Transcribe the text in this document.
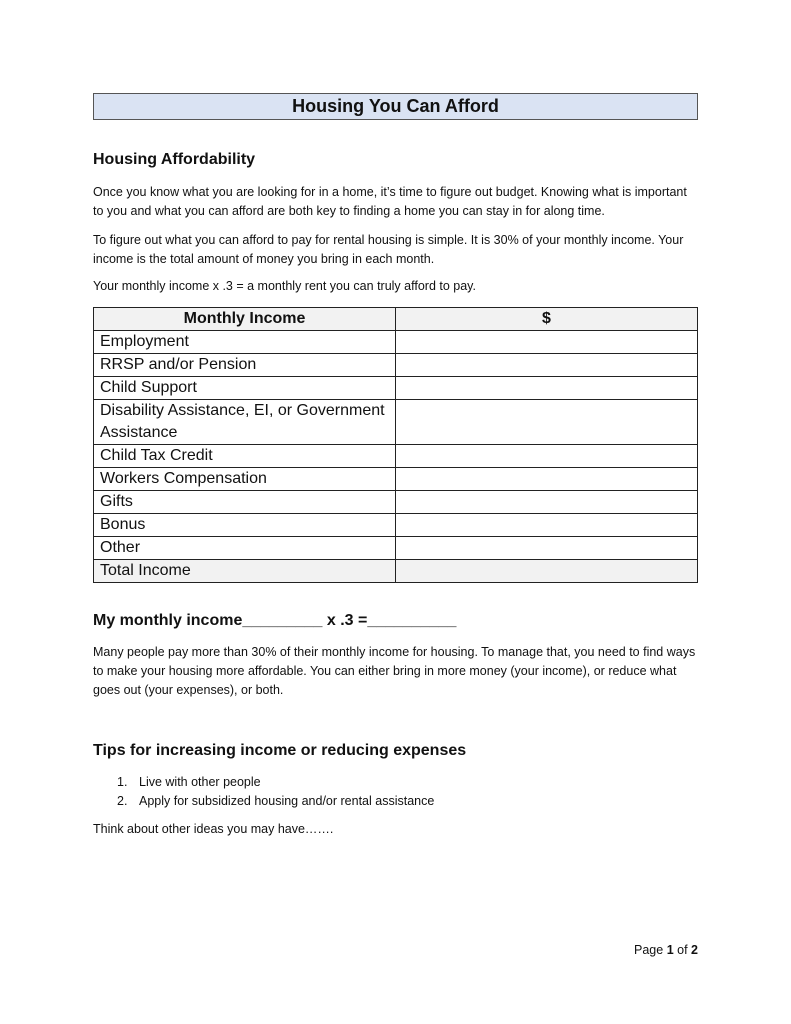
Housing You Can Afford
Housing Affordability
Once you know what you are looking for in a home, it’s time to figure out budget. Knowing what is important to you and what you can afford are both key to finding a home you can stay in for along time.
To figure out what you can afford to pay for rental housing is simple. It is 30% of your monthly income. Your income is the total amount of money you bring in each month.
Your monthly income x .3 = a monthly rent you can truly afford to pay.
Monthly Income	$
Employment	
RRSP and/or Pension	
Child Support	
Disability Assistance, EI, or Government Assistance	
Child Tax Credit	
Workers Compensation	
Gifts	
Bonus	
Other	
Total Income	
My monthly income_________ x .3 =__________
Many people pay more than 30% of their monthly income for housing. To manage that, you need to find ways to make your housing more affordable. You can either bring in more money (your income), or reduce what goes out (your expenses), or both.
Tips for increasing income or reducing expenses
1. Live with other people
2. Apply for subsidized housing and/or rental assistance
Think about other ideas you may have…….
Page 1 of 2
